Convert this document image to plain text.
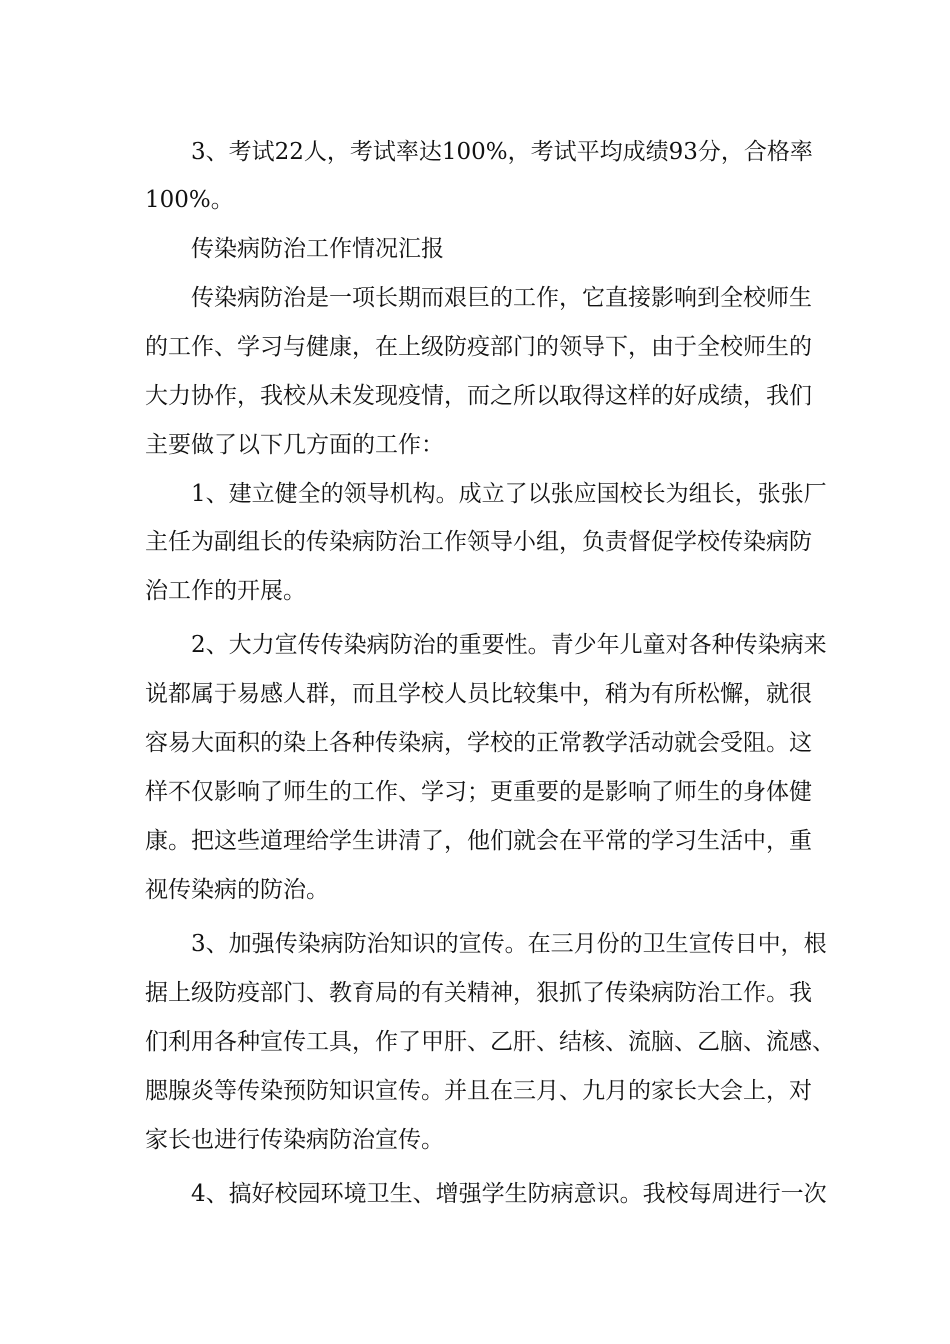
3、考试22人，考试率达100%，考试平均成绩93分，合格率
100%。
传染病防治工作情况汇报
传染病防治是一项长期而艰巨的工作，它直接影响到全校师生
的工作、学习与健康，在上级防疫部门的领导下，由于全校师生的
大力协作，我校从未发现疫情，而之所以取得这样的好成绩，我们
主要做了以下几方面的工作：
1、建立健全的领导机构。成立了以张应国校长为组长，张张厂
主任为副组长的传染病防治工作领导小组，负责督促学校传染病防
治工作的开展。
2、大力宣传传染病防治的重要性。青少年儿童对各种传染病来
说都属于易感人群，而且学校人员比较集中，稍为有所松懈，就很
容易大面积的染上各种传染病，学校的正常教学活动就会受阻。这
样不仅影响了师生的工作、学习；更重要的是影响了师生的身体健
康。把这些道理给学生讲清了，他们就会在平常的学习生活中，重
视传染病的防治。
3、加强传染病防治知识的宣传。在三月份的卫生宣传日中，根
据上级防疫部门、教育局的有关精神，狠抓了传染病防治工作。我
们利用各种宣传工具，作了甲肝、乙肝、结核、流脑、乙脑、流感、
腮腺炎等传染预防知识宣传。并且在三月、九月的家长大会上，对
家长也进行传染病防治宣传。
4、搞好校园环境卫生、增强学生防病意识。我校每周进行一次
